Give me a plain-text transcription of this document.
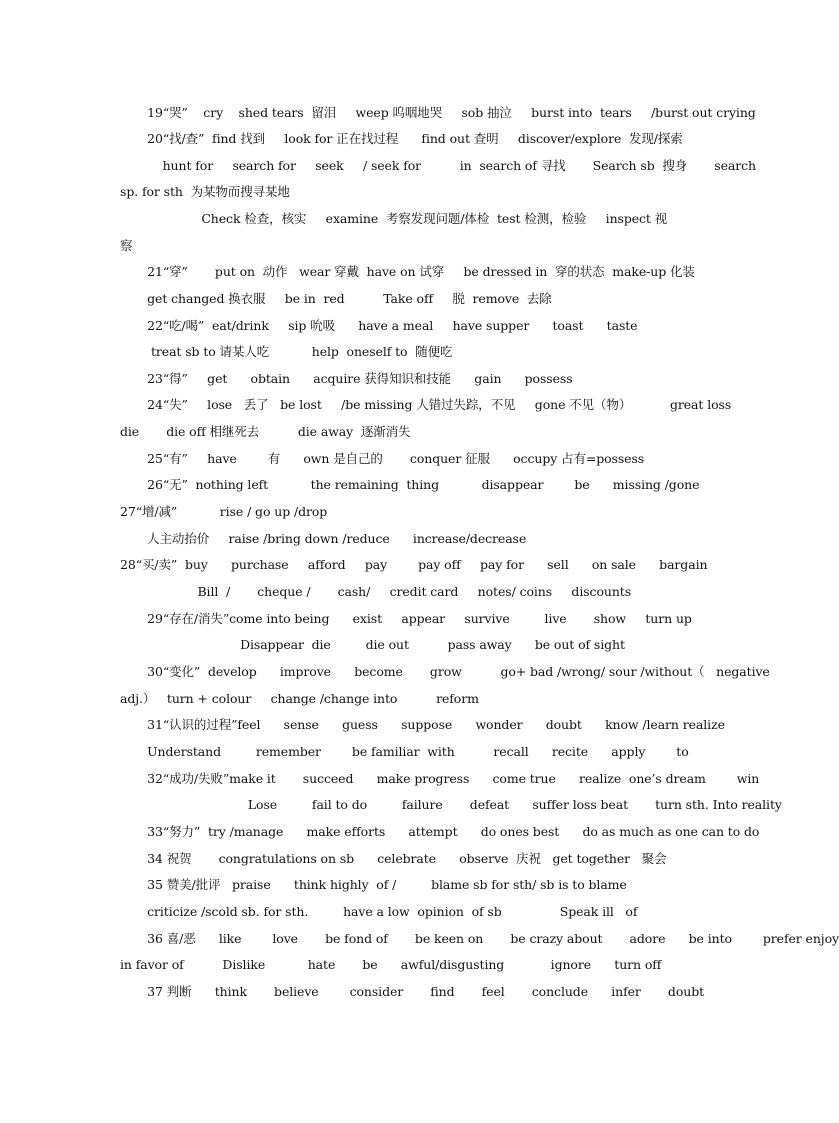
19“哭”    cry    shed tears  留泪     weep 呜咽地哭     sob 抽泣     burst into  tears     /burst out crying
20“找/查”  find 找到     look for 正在找过程      find out 查明     discover/explore  发现/探索
hunt for     search for     seek     / seek for          in  search of 寻找       Search sb  搜身       search
sp. for sth  为某物而搜寻某地
Check 检查，核实     examine  考察发现问题/体检  test 检测，检验     inspect 视
察
21“穿”       put on  动作   wear 穿戴  have on 试穿     be dressed in  穿的状态  make-up 化装
get changed 换衣服     be in  red          Take off     脱  remove  去除
22“吃/喝”  eat/drink     sip 吮吸      have a meal     have supper      toast      taste
treat sb to 请某人吃           help  oneself to  随便吃
23“得”     get      obtain      acquire 获得知识和技能      gain      possess
24“失”     lose   丢了   be lost     /be missing 人错过失踪，不见     gone 不见（物）          great loss
die       die off 相继死去          die away  逐渐消失
25“有”     have        有      own 是自己的       conquer 征服      occupy 占有=possess
26“无”  nothing left           the remaining  thing           disappear        be      missing /gone
27“增/减”           rise / go up /drop
人主动抬价     raise /bring down /reduce      increase/decrease
28“买/卖”  buy      purchase     afford     pay        pay off     pay for      sell      on sale      bargain
Bill  /       cheque /       cash/     credit card     notes/ coins     discounts
29“存在/消失”come into being      exist     appear     survive         live       show     turn up
Disappear  die         die out          pass away      be out of sight
30“变化”  develop      improve      become       grow          go+ bad /wrong/ sour /without（   negative
adj.）   turn + colour     change /change into          reform
31“认识的过程”feel      sense      guess      suppose      wonder      doubt      know /learn realize
Understand         remember        be familiar  with          recall      recite      apply        to
32“成功/失败”make it       succeed      make progress      come true      realize  one’s dream        win
Lose         fail to do         failure       defeat      suffer loss beat       turn sth. Into reality
33“努力”  try /manage      make efforts      attempt      do ones best      do as much as one can to do
34 祝贺       congratulations on sb      celebrate      observe  庆祝   get together   聚会
35 赞美/批评   praise      think highly  of /         blame sb for sth/ sb is to blame
criticize /scold sb. for sth.         have a low  opinion  of sb               Speak ill   of
36 喜/恶      like        love       be fond of       be keen on       be crazy about       adore      be into        prefer enjoy
in favor of          Dislike           hate       be      awful/disgusting            ignore      turn off
37 判断      think       believe        consider       find       feel       conclude      infer       doubt
